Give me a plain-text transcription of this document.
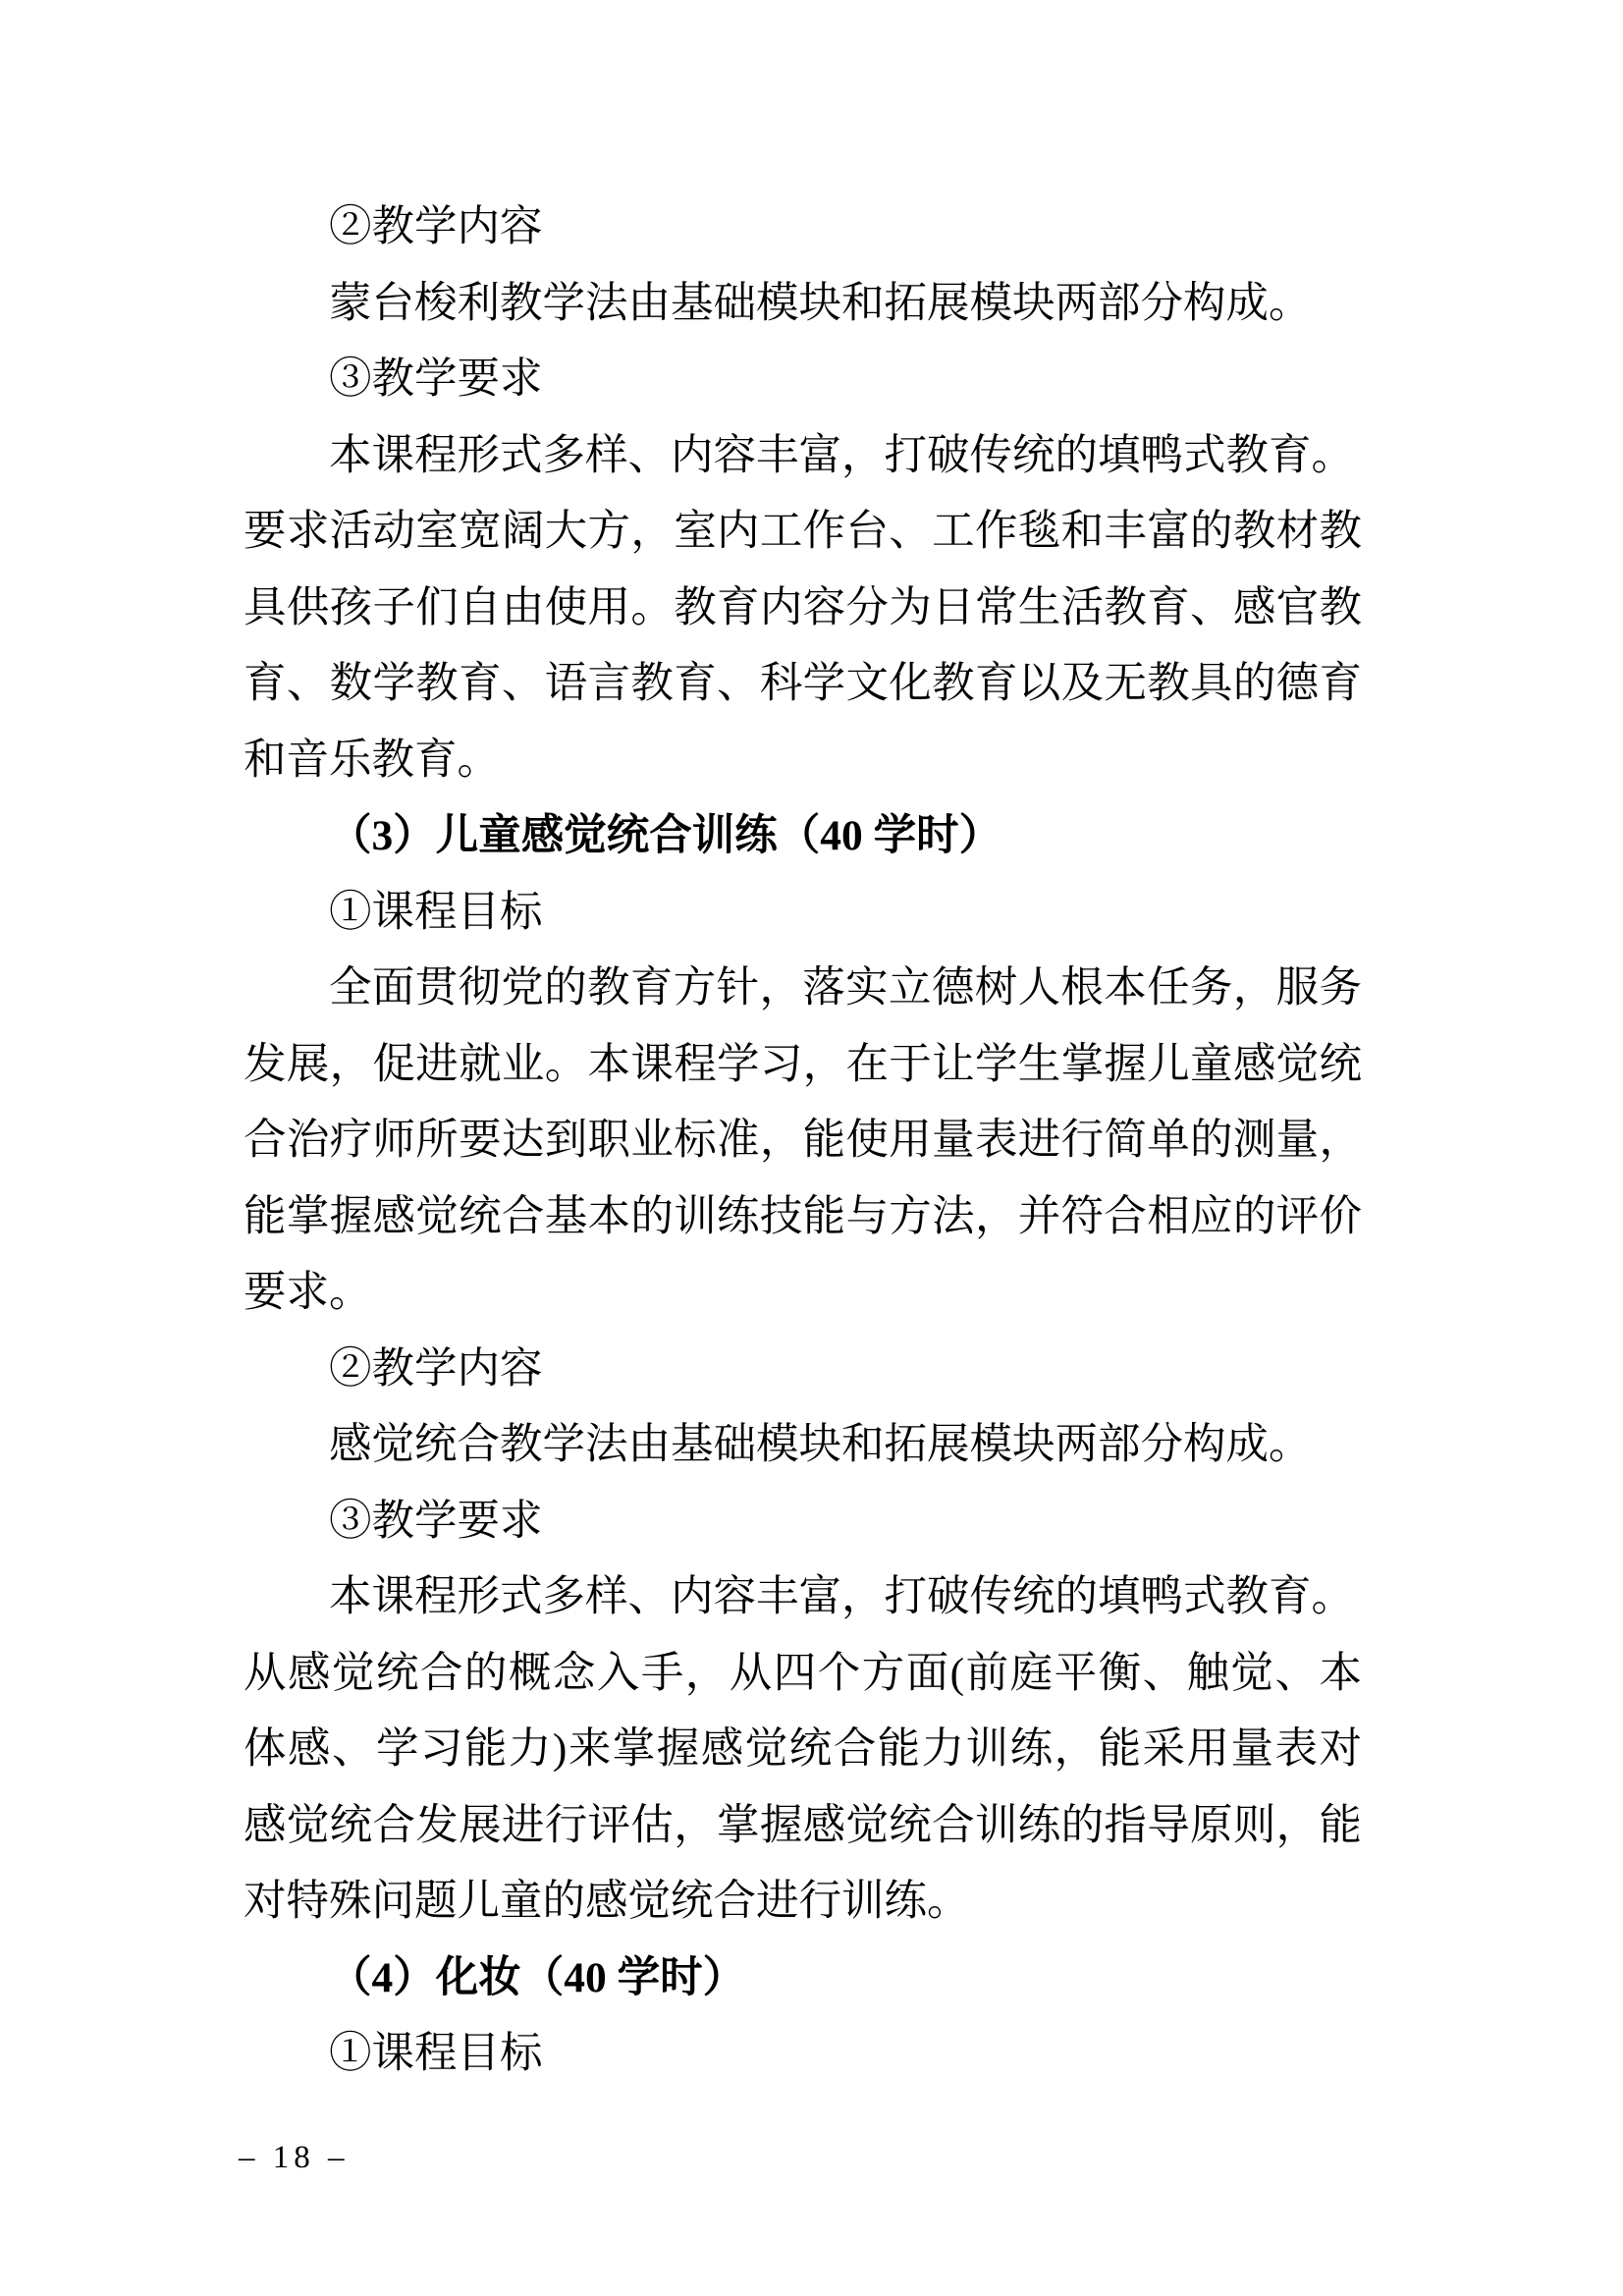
②教学内容
蒙台梭利教学法由基础模块和拓展模块两部分构成。
③教学要求
本课程形式多样、内容丰富，打破传统的填鸭式教育。
要求活动室宽阔大方，室内工作台、工作毯和丰富的教材教
具供孩子们自由使用。教育内容分为日常生活教育、感官教
育、数学教育、语言教育、科学文化教育以及无教具的德育
和音乐教育。
（3）儿童感觉统合训练（40 学时）
①课程目标
全面贯彻党的教育方针，落实立德树人根本任务，服务
发展，促进就业。本课程学习，在于让学生掌握儿童感觉统
合治疗师所要达到职业标准，能使用量表进行简单的测量，
能掌握感觉统合基本的训练技能与方法，并符合相应的评价
要求。
②教学内容
感觉统合教学法由基础模块和拓展模块两部分构成。
③教学要求
本课程形式多样、内容丰富，打破传统的填鸭式教育。
从感觉统合的概念入手，从四个方面(前庭平衡、触觉、本
体感、学习能力)来掌握感觉统合能力训练，能采用量表对
感觉统合发展进行评估，掌握感觉统合训练的指导原则，能
对特殊问题儿童的感觉统合进行训练。
（4）化妆（40 学时）
①课程目标
– 18 –
